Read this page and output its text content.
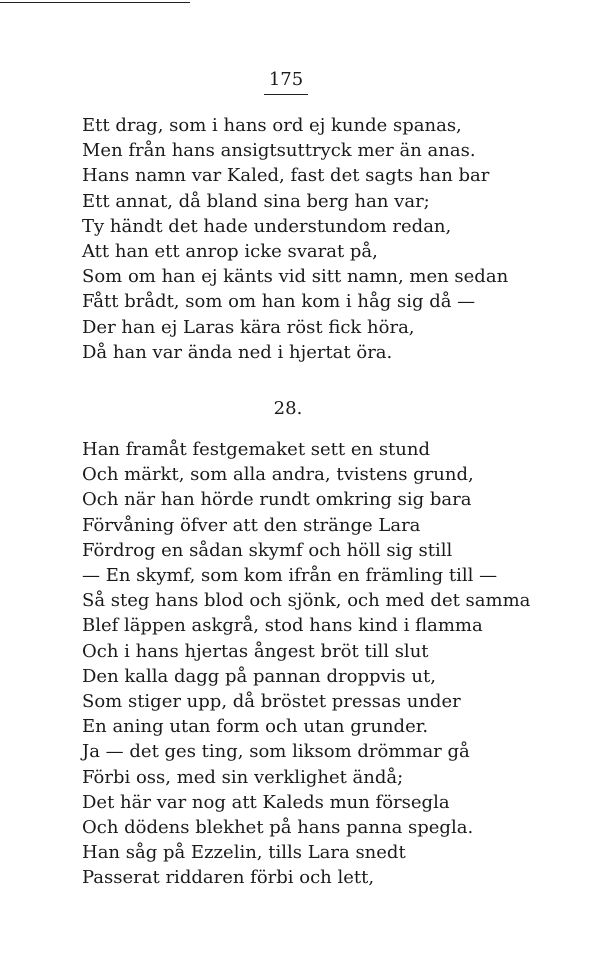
175
Ett drag, som i hans ord ej kunde spanas,
Men från hans ansigtsuttryck mer än anas.
Hans namn var Kaled, fast det sagts han bar
Ett annat, då bland sina berg han var;
Ty händt det hade understundom redan,
Att han ett anrop icke svarat på,
Som om han ej känts vid sitt namn, men sedan
Fått brådt, som om han kom i håg sig då —
Der han ej Laras kära röst fick höra,
Då han var ända ned i hjertat öra.
28.
Han framåt festgemaket sett en stund
Och märkt, som alla andra, tvistens grund,
Och när han hörde rundt omkring sig bara
Förvåning öfver att den stränge Lara
Fördrog en sådan skymf och höll sig still
— En skymf, som kom ifrån en främling till —
Så steg hans blod och sjönk, och med det samma
Blef läppen askgrå, stod hans kind i flamma
Och i hans hjertas ångest bröt till slut
Den kalla dagg på pannan droppvis ut,
Som stiger upp, då bröstet pressas under
En aning utan form och utan grunder.
Ja — det ges ting, som liksom drömmar gå
Förbi oss, med sin verklighet ändå;
Det här var nog att Kaleds mun försegla
Och dödens blekhet på hans panna spegla.
Han såg på Ezzelin, tills Lara snedt
Passerat riddaren förbi och lett,
